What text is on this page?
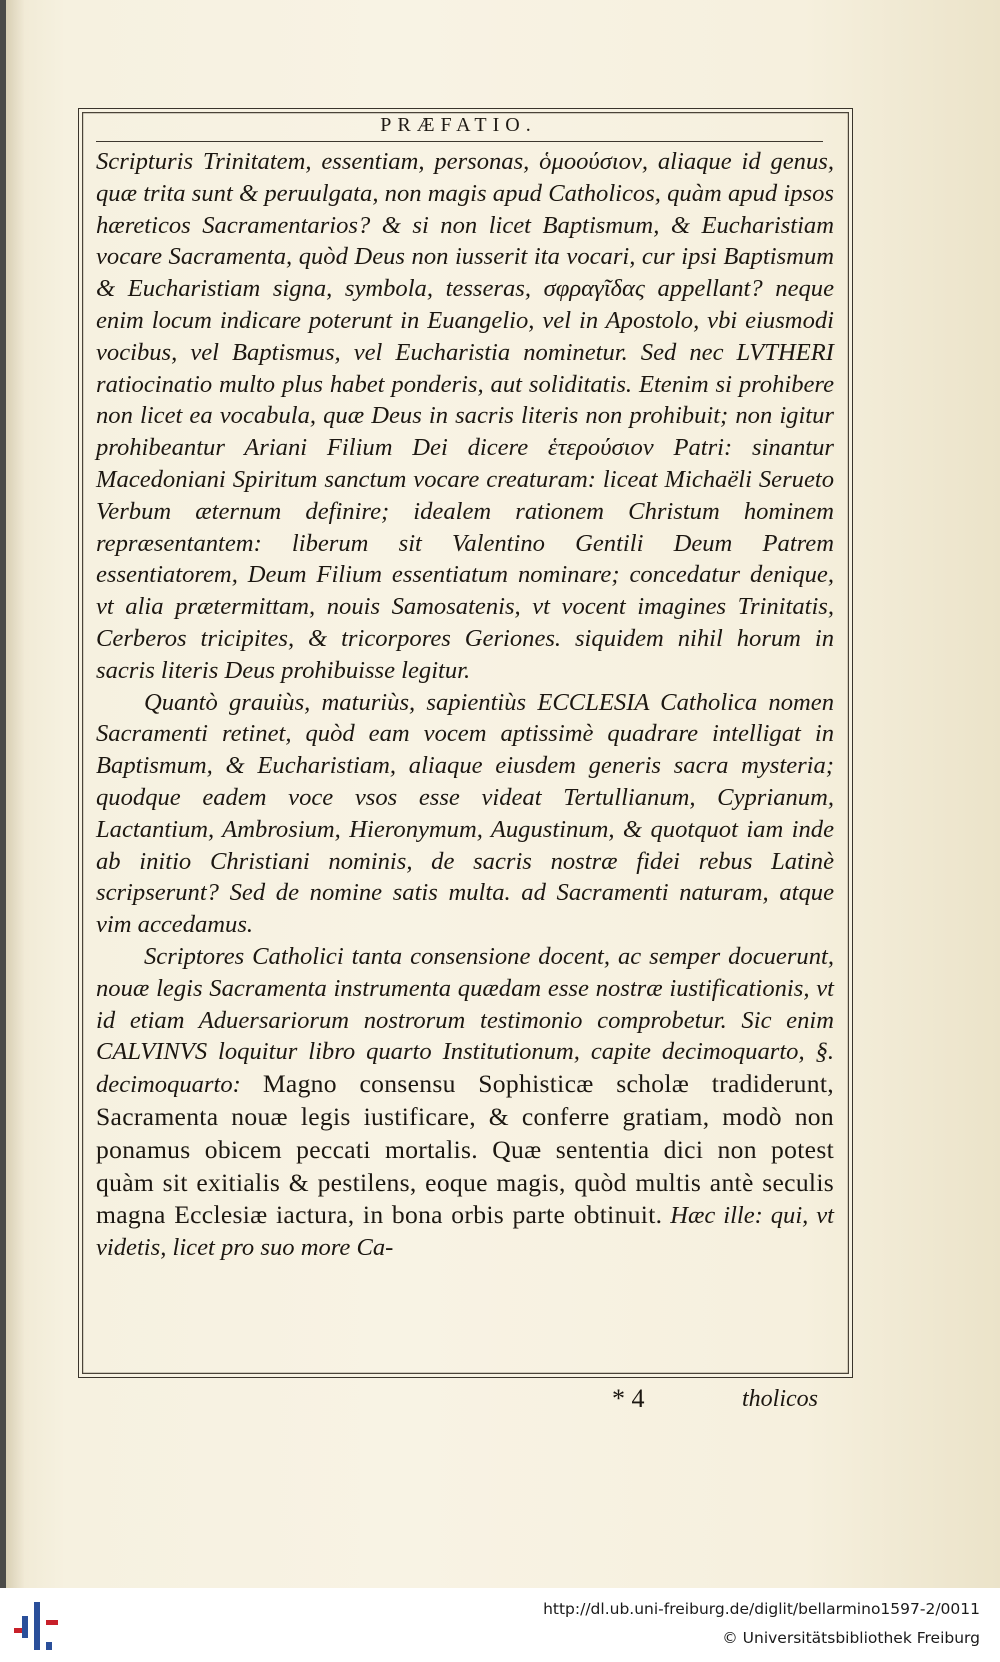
PRÆFATIO.

Scripturis Trinitatem, essentiam, personas, ὁμοούσιον, aliaque id genus, quæ trita sunt & peruulgata, non magis apud Catholicos, quàm apud ipsos hæreticos Sacramentarios? & si non licet Baptismum, & Eucharistiam vocare Sacramenta, quòd Deus non iusserit ita vocari, cur ipsi Baptismum & Eucharistiam signa, symbola, tesseras, σφραγῖδας appellant? neque enim locum indicare poterunt in Euangelio, vel in Apostolo, vbi eiusmodi vocibus, vel Baptismus, vel Eucharistia nominetur. Sed nec LVTHERI ratiocinatio multo plus habet ponderis, aut soliditatis. Etenim si prohibere non licet ea vocabula, quæ Deus in sacris literis non prohibuit; non igitur prohibeantur Ariani Filium Dei dicere ἑτερούσιον Patri: sinantur Macedoniani Spiritum sanctum vocare creaturam: liceat Michaëli Serueto Verbum æternum definire; idealem rationem Christum hominem repræsentantem: liberum sit Valentino Gentili Deum Patrem essentiatorem, Deum Filium essentiatum nominare; concedatur denique, vt alia prætermittam, nouis Samosatenis, vt vocent imagines Trinitatis, Cerberos tricipites, & tricorpores Geriones. siquidem nihil horum in sacris literis Deus prohibuisse legitur.

Quantò grauiùs, maturiùs, sapientiùs ECCLESIA Catholica nomen Sacramenti retinet, quòd eam vocem aptissimè quadrare intelligat in Baptismum, & Eucharistiam, aliaque eiusdem generis sacra mysteria; quodque eadem voce vsos esse videat Tertullianum, Cyprianum, Lactantium, Ambrosium, Hieronymum, Augustinum, & quotquot iam inde ab initio Christiani nominis, de sacris nostræ fidei rebus Latinè scripserunt? Sed de nomine satis multa. ad Sacramenti naturam, atque vim accedamus.

Scriptores Catholici tanta consensione docent, ac semper docuerunt, nouæ legis Sacramenta instrumenta quædam esse nostræ iustificationis, vt id etiam Aduersariorum nostrorum testimonio comprobetur. Sic enim CALVINVS loquitur libro quarto Institutionum, capite decimoquarto, §. decimoquarto: Magno consensu Sophisticæ scholæ tradiderunt, Sacramenta nouæ legis iustificare, & conferre gratiam, modò non ponamus obicem peccati mortalis. Quæ sententia dici non potest quàm sit exitialis & pestilens, eoque magis, quòd multis antè seculis magna Ecclesiæ iactura, in bona orbis parte obtinuit. Hæc ille: qui, vt videtis, licet pro suo more Ca-

* 4	tholicos
http://dl.ub.uni-freiburg.de/diglit/bellarmino1597-2/0011
© Universitätsbibliothek Freiburg
